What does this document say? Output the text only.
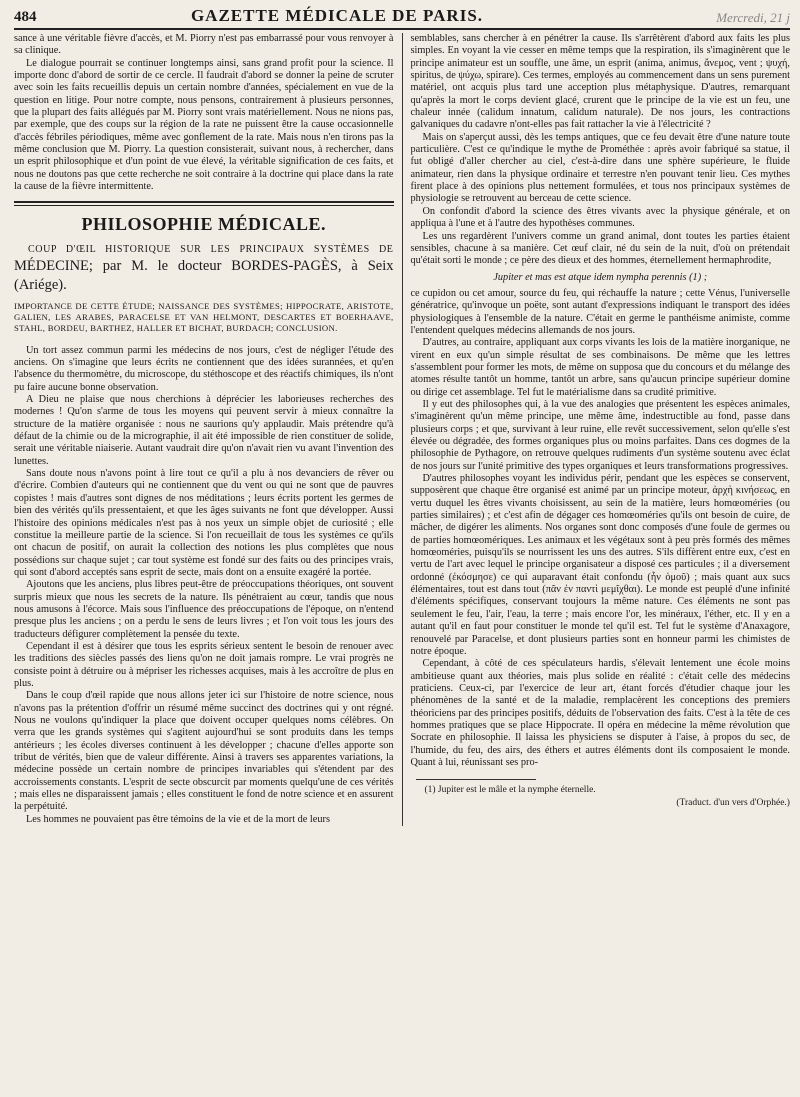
484	GAZETTE MÉDICALE DE PARIS.	Mercredi, 21 j

sance à une véritable fièvre d'accès, et M. Piorry n'est pas embarrassé pour vous renvoyer à sa clinique.

Le dialogue pourrait se continuer longtemps ainsi, sans grand profit pour la science. Il importe donc d'abord de sortir de ce cercle. Il faudrait d'abord se donner la peine de scruter avec soin les faits recueillis depuis un certain nombre d'années, spécialement en vue de la question en litige. Pour notre compte, nous pensons, contrairement à plusieurs personnes, que la plupart des faits allégués par M. Piorry sont vrais matériellement. Nous ne nions pas, par exemple, que des coups sur la région de la rate ne puissent être la cause occasionnelle d'accès fébriles périodiques, même avec gonflement de la rate. Mais nous n'en tirons pas la même conclusion que M. Piorry. La question consisterait, suivant nous, à rechercher, dans un esprit philosophique et d'un point de vue élevé, la véritable signification de ces faits, et nous ne doutons pas que cette recherche ne soit contraire à la doctrine qui place dans la rate la cause de la fièvre intermittente.

PHILOSOPHIE MÉDICALE.
COUP D'ŒIL HISTORIQUE SUR LES PRINCIPAUX SYSTÈMES DE MÉDECINE; par M. le docteur BORDES-PAGÈS, à Seix (Ariége).

IMPORTANCE DE CETTE ÉTUDE; NAISSANCE DES SYSTÈMES; HIPPOCRATE, ARISTOTE, GALIEN, LES ARABES, PARACELSE ET VAN HELMONT, DESCARTES ET BOERHAAVE, STAHL, BORDEU, BARTHEZ, HALLER ET BICHAT, BURDACH; CONCLUSION.

Un tort assez commun parmi les médecins de nos jours, c'est de négliger l'étude des anciens. On s'imagine que leurs écrits ne contiennent que des idées surannées, et qu'en l'absence du thermomètre, du microscope, du stéthoscope et des réactifs chimiques, ils n'ont pu faire aucune bonne observation.

A Dieu ne plaise que nous cherchions à déprécier les laborieuses recherches des modernes ! Qu'on s'arme de tous les moyens qui peuvent servir à mieux connaître la structure de la matière organisée : nous ne saurions qu'y applaudir. Mais prétendre qu'à défaut de la chimie ou de la micrographie, il ait été impossible de rien constituer de solide, serait une véritable niaiserie. Autant vaudrait dire qu'on n'avait rien vu avant l'invention des lunettes.

Sans doute nous n'avons point à lire tout ce qu'il a plu à nos devanciers de rêver ou d'écrire. Combien d'auteurs qui ne contiennent que du vent ou qui ne sont que de pauvres copistes ! mais d'autres sont dignes de nos méditations ; leurs écrits portent les germes de bien des vérités qu'ils pressentaient, et que les âges suivants ne font que développer. Aussi l'histoire des opinions médicales n'est pas à nos yeux un simple objet de curiosité ; elle constitue la meilleure partie de la science. Si l'on recueillait de tous les systèmes ce qu'ils ont chacun de positif, on aurait la collection des notions les plus complètes que nous possédions sur chaque sujet ; car tout système est fondé sur des faits ou des principes vrais, qui sont d'abord acceptés sans esprit de secte, mais dont on a ensuite exagéré la portée.

Ajoutons que les anciens, plus libres peut-être de préoccupations théoriques, ont souvent surpris mieux que nous les secrets de la nature. Ils pénétraient au cœur, tandis que nous nous amusons à l'écorce. Mais sous l'influence des préoccupations de l'époque, on n'entend presque plus les anciens ; on a perdu le sens de leurs livres ; et l'on voit tous les jours des traducteurs défigurer complètement la pensée du texte.

Cependant il est à désirer que tous les esprits sérieux sentent le besoin de renouer avec les traditions des siècles passés des liens qu'on ne doit jamais rompre. Le vrai progrès ne consiste point à détruire ou à mépriser les richesses acquises, mais à les accroître de plus en plus.

Dans le coup d'œil rapide que nous allons jeter ici sur l'histoire de notre science, nous n'avons pas la prétention d'offrir un résumé même succinct des doctrines qui y ont régné. Nous ne voulons qu'indiquer la place que doivent occuper quelques noms célèbres. On verra que les grands systèmes qui s'agitent aujourd'hui se sont produits dans les temps antérieurs ; les écoles diverses continuent à les développer ; chacune d'elles apporte son tribut de vérités, bien que de valeur différente. Ainsi à travers ses apparentes variations, la médecine possède un certain nombre de principes invariables qui s'étendent par des accroissements constants. L'esprit de secte obscurcit par moments quelqu'une de ces vérités ; mais elles ne disparaissent jamais ; elles constituent le fond de notre science et en assurent la perpétuité.

Les hommes ne pouvaient pas être témoins de la vie et de la mort de leurs

semblables, sans chercher à en pénétrer la cause. Ils s'arrêtèrent d'abord aux faits les plus simples. En voyant la vie cesser en même temps que la respiration, ils s'imaginèrent que le principe animateur est un souffle, une âme, un esprit (anima, animus, ἄνεμος, vent ; ψυχή, spiritus, de ψύχω, spirare). Ces termes, employés au commencement dans un sens purement matériel, ont acquis plus tard une acception plus métaphysique. D'autres, remarquant qu'après la mort le corps devient glacé, crurent que le principe de la vie est un feu, une chaleur innée (calidum innatum, calidum naturale). De nos jours, les contractions galvaniques du cadavre n'ont-elles pas fait rattacher la vie à l'électricité ?

Mais on s'aperçut aussi, dès les temps antiques, que ce feu devait être d'une nature toute particulière. C'est ce qu'indique le mythe de Prométhée : après avoir fabriqué sa statue, il fut obligé d'aller chercher au ciel, c'est-à-dire dans une sphère supérieure, le fluide animateur, rien dans la physique ordinaire et terrestre n'en pouvant tenir lieu. Ces mythes firent place à des opinions plus nettement formulées, et tous nos principaux systèmes de physiologie se retrouvent au berceau de cette science.

On confondit d'abord la science des êtres vivants avec la physique générale, et on appliqua à l'une et à l'autre des hypothèses communes.

Les uns regardèrent l'univers comme un grand animal, dont toutes les parties étaient sensibles, chacune à sa manière. Cet œuf clair, né du sein de la nuit, d'où on prétendait qu'était sorti le monde ; ce père des dieux et des hommes, éternellement hermaphrodite,

Jupiter et mas est atque idem nympha perennis (1) ;

ce cupidon ou cet amour, source du feu, qui réchauffe la nature ; cette Vénus, l'universelle génératrice, qu'invoque un poëte, sont autant d'expressions indiquant le transport des idées physiologiques à l'ensemble de la nature. C'était en germe le panthéisme animiste, comme l'entendent quelques médecins allemands de nos jours.

D'autres, au contraire, appliquant aux corps vivants les lois de la matière inorganique, ne virent en eux qu'un simple résultat de ses combinaisons. De même que les lettres s'assemblent pour former les mots, de même on supposa que du concours et du mélange des atomes résulte tantôt un homme, tantôt un arbre, sans qu'aucun principe supérieur domine ou dirige cet assemblage. Tel fut le matérialisme dans sa crudité primitive.

Il y eut des philosophes qui, à la vue des analogies que présentent les espèces animales, s'imaginèrent qu'un même principe, une même âme, indestructible au fond, passe dans plusieurs corps ; et que, survivant à leur ruine, elle revêt successivement, selon qu'elle s'est élevée ou dégradée, des formes organiques plus ou moins parfaites. Dans ces dogmes de la philosophie de Pythagore, on retrouve quelques rudiments d'un système soutenu avec éclat de nos jours sur l'unité primitive des types organiques et leurs transformations progressives.

D'autres philosophes voyant les individus périr, pendant que les espèces se conservent, supposèrent que chaque être organisé est animé par un principe moteur, ἀρχὴ κινήσεως, en vertu duquel les êtres vivants choisissent, au sein de la matière, leurs homœoméries (ou parties similaires) ; et c'est afin de dégager ces homœoméries qu'ils ont besoin de cuire, de mâcher, de digérer les aliments. Nos organes sont donc composés d'une foule de germes ou de parties homœomériques. Les animaux et les végétaux sont à peu près formés des mêmes homœoméries, puisqu'ils se nourrissent les uns des autres. S'ils diffèrent entre eux, c'est en vertu de l'art avec lequel le principe organisateur a disposé ces particules ; il a diversement ordonné (ἐκόσμησε) ce qui auparavant était confondu (ἦν ὁμοῦ) ; mais quant aux sucs élémentaires, tout est dans tout (πᾶν ἐν παντὶ μεμῖχθαι). Le monde est peuplé d'une infinité d'éléments spécifiques, conservant toujours la même nature. Ces éléments ne sont pas seulement le feu, l'air, l'eau, la terre ; mais encore l'or, les minéraux, l'éther, etc. Il y en a autant qu'il en faut pour constituer le monde tel qu'il est. Tel fut le système d'Anaxagore, renouvelé par Paracelse, et dont plusieurs parties sont en honneur parmi les chimistes de notre époque.

Cependant, à côté de ces spéculateurs hardis, s'élevait lentement une école moins ambitieuse quant aux théories, mais plus solide en réalité : c'était celle des médecins praticiens. Ceux-ci, par l'exercice de leur art, étant forcés d'étudier chaque jour les phénomènes de la santé et de la maladie, remplacèrent les conceptions des premiers théoriciens par des principes positifs, déduits de l'observation des faits. C'est à la tête de ces hommes pratiques que se place Hippocrate. Il opéra en médecine la même révolution que Socrate en philosophie. Il laissa les physiciens se disputer à l'aise, à propos du sec, de l'humide, du feu, des airs, des éthers et autres éléments dont ils composaient le monde. Quant à lui, réunissant ses pro-

(1) Jupiter est le mâle et la nymphe éternelle.

(Traduct. d'un vers d'Orphée.)
